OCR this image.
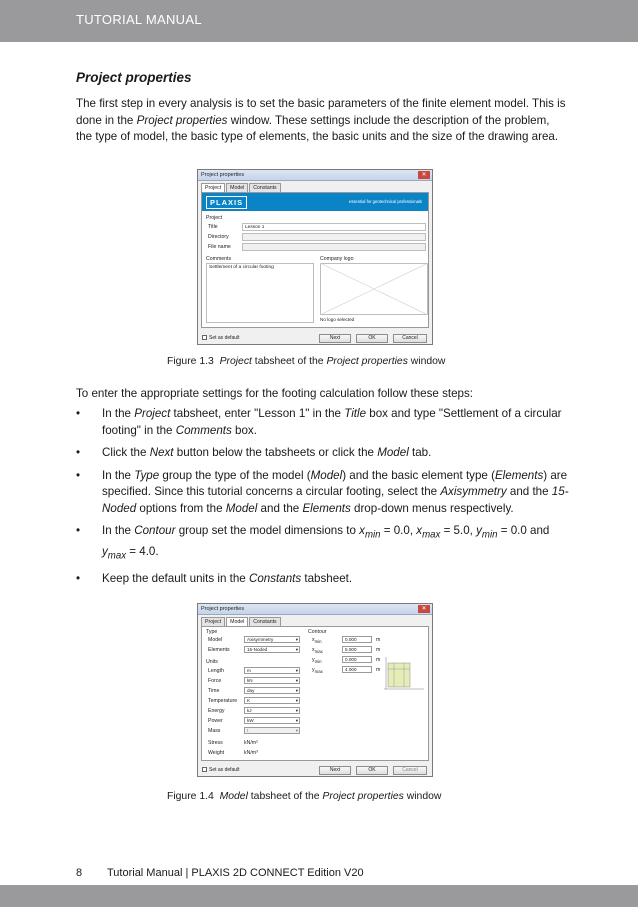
TUTORIAL MANUAL
Project properties

The first step in every analysis is to set the basic parameters of the finite element model. This is done in the Project properties window. These settings include the description of the problem, the type of model, the basic type of elements, the basic units and the size of the drawing area.

Project properties	✕
Project	Model	Constants
PLAXIS	essential for geotechnical professionals
Project
Title	Lesson 1
Directory
File name
Comments
Settlement of a circular footing
Company logo
No logo selected
Set as default	Next	OK	Cancel
Figure 1.3 Project tabsheet of the Project properties window

To enter the appropriate settings for the footing calculation follow these steps:

• In the Project tabsheet, enter "Lesson 1" in the Title box and type "Settlement of a circular footing" in the Comments box.
• Click the Next button below the tabsheets or click the Model tab.
• In the Type group the type of the model (Model) and the basic element type (Elements) are specified. Since this tutorial concerns a circular footing, select the Axisymmetry and the 15-Noded options from the Model and the Elements drop-down menus respectively.
• In the Contour group set the model dimensions to $x_{min} = 0.0$, $x_{max} = 5.0$, $y_{min} = 0.0$ and $y_{max} = 4.0$.
• Keep the default units in the Constants tabsheet.
Project properties	✕
Project	Model	Constants
Type
Model	Axisymmetry ▾
Elements	15-Noded ▾
Units
Length	m ▾
Force	kN ▾
Time	day ▾
Temperature	K ▾
Energy	kJ ▾
Power	kW ▾
Mass	t ▾
Stress	kN/m²
Weight	kN/m³
Contour
$x_{min}$	0.000	m
$x_{max}$	5.000	m
$y_{min}$	0.000	m
$y_{max}$	4.000	m
Set as default	Next	OK	Cancel
Figure 1.4 Model tabsheet of the Project properties window
8 Tutorial Manual | PLAXIS 2D CONNECT Edition V20
